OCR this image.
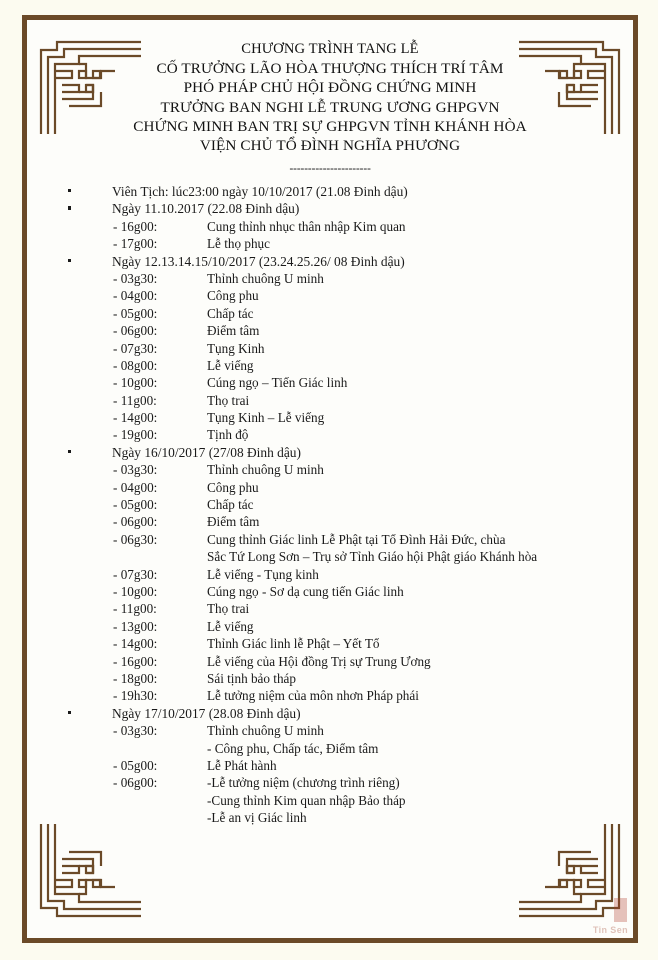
CHƯƠNG TRÌNH TANG LỄ
CỐ TRƯỞNG LÃO HÒA THƯỢNG THÍCH TRÍ TÂM
PHÓ PHÁP CHỦ HỘI ĐỒNG CHỨNG MINH
TRƯỞNG BAN NGHI LỄ TRUNG ƯƠNG GHPGVN
CHỨNG MINH BAN TRỊ SỰ GHPGVN TỈNH KHÁNH HÒA
VIỆN CHỦ TỔ ĐÌNH NGHĨA PHƯƠNG
----------------------
Viên Tịch: lúc23:00 ngày 10/10/2017 (21.08 Đinh dậu)
Ngày 11.10.2017 (22.08 Đinh dậu)
- 16g00:	Cung thỉnh nhục thân nhập Kim quan
- 17g00:	Lễ thọ phục
Ngày 12.13.14.15/10/2017 (23.24.25.26/ 08 Đinh dậu)
- 03g30:	Thỉnh chuông U minh
- 04g00:	Công phu
- 05g00:	Chấp tác
- 06g00:	Điểm tâm
- 07g30:	Tụng Kinh
- 08g00:	Lễ viếng
- 10g00:	Cúng ngọ – Tiến Giác linh
- 11g00:	Thọ trai
- 14g00:	Tụng Kinh – Lễ viếng
- 19g00:	Tịnh độ
Ngày 16/10/2017 (27/08 Đinh dậu)
- 03g30:	Thỉnh chuông U minh
- 04g00:	Công phu
- 05g00:	Chấp tác
- 06g00:	Điểm tâm
- 06g30:	Cung thỉnh Giác linh Lễ Phật tại Tổ Đình Hải Đức, chùa
Sắc Tứ Long Sơn – Trụ sở Tỉnh Giáo hội Phật giáo Khánh hòa
- 07g30:	Lễ viếng - Tụng kinh
- 10g00:	Cúng ngọ - Sơ dạ cung tiến Giác linh
- 11g00:	Thọ trai
- 13g00:	Lễ viếng
- 14g00:	Thỉnh Giác linh lễ Phật – Yết Tổ
- 16g00:	Lễ viếng của Hội đồng Trị sự Trung Ương
- 18g00:	Sái tịnh bảo tháp
- 19h30:	Lễ tưởng niệm của môn nhơn Pháp phái
Ngày 17/10/2017 (28.08 Đinh dậu)
- 03g30:	Thỉnh chuông U minh
- Công phu, Chấp tác, Điểm tâm
- 05g00:	Lễ Phát hành
- 06g00:	-Lễ tưởng niệm (chương trình riêng)
-Cung thỉnh Kim quan nhập Bảo tháp
-Lễ an vị Giác linh
Tin Sen
